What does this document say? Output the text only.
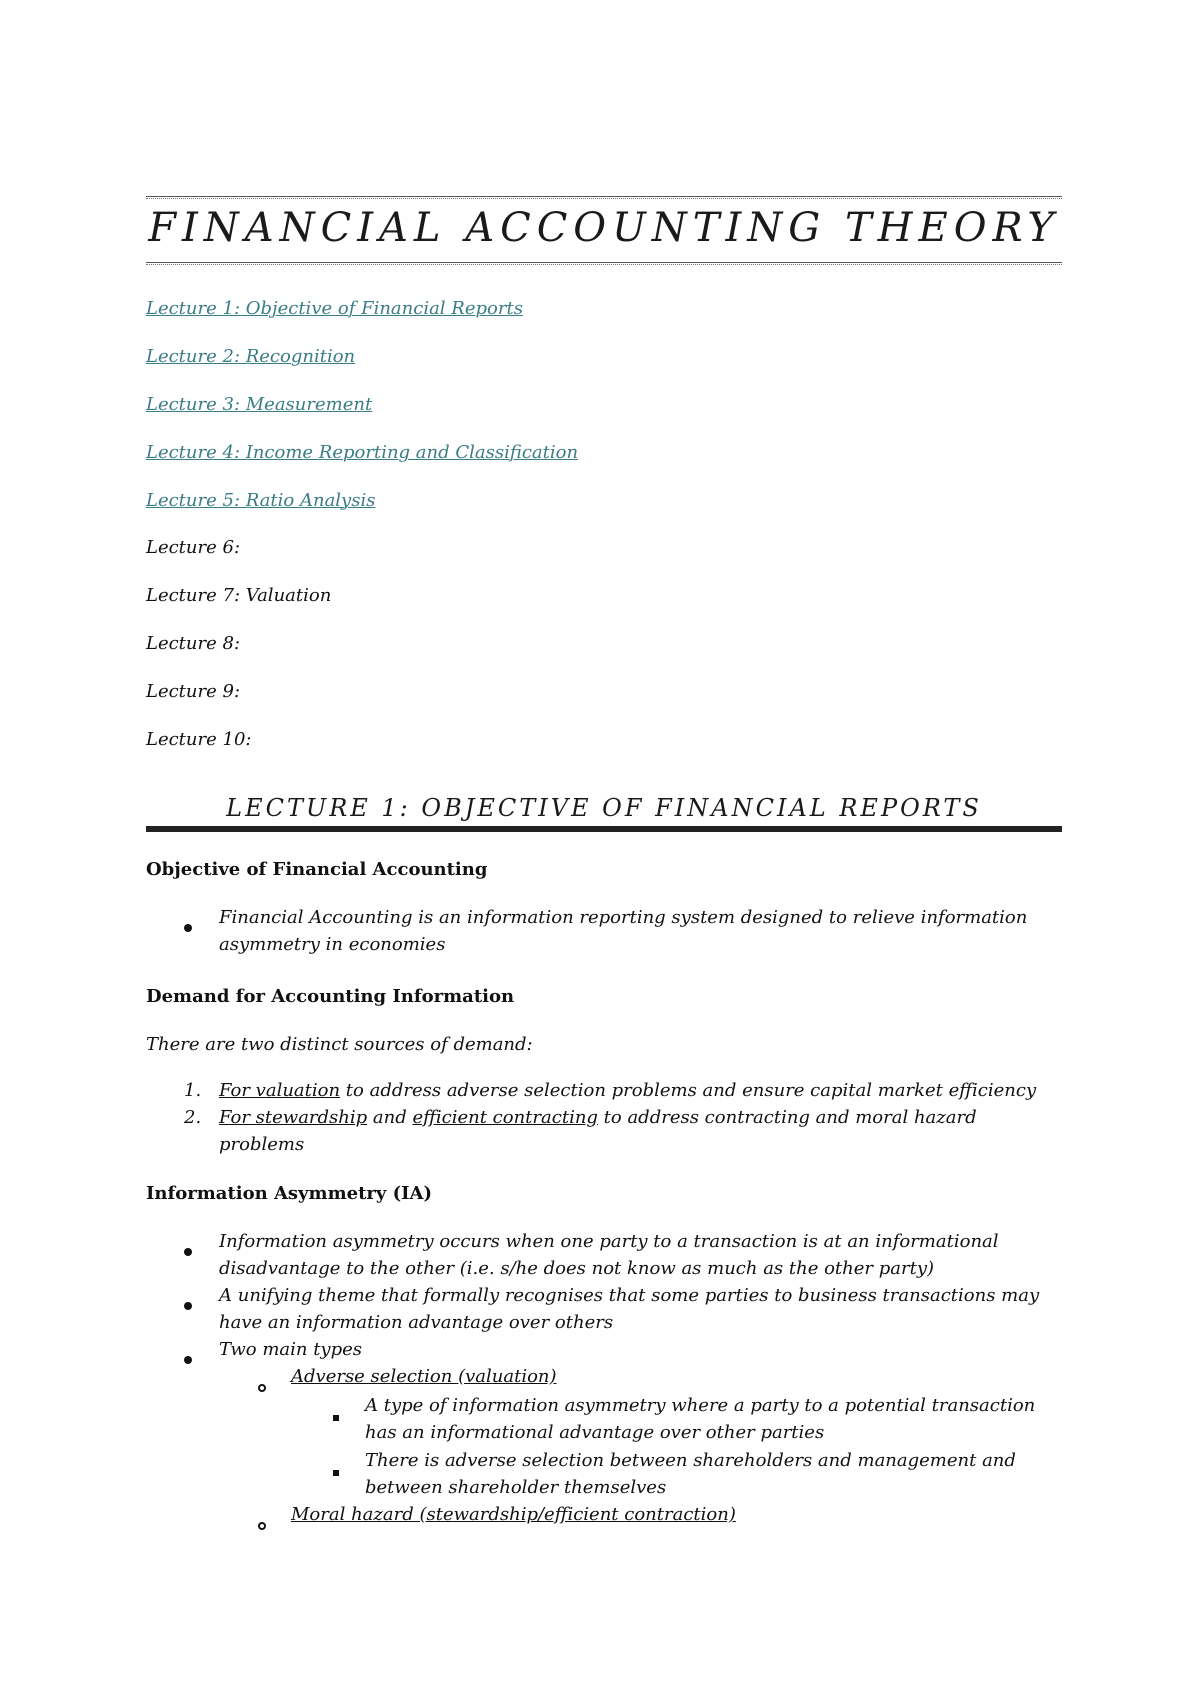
FINANCIAL ACCOUNTING THEORY
Lecture 1: Objective of Financial Reports
Lecture 2: Recognition
Lecture 3: Measurement
Lecture 4: Income Reporting and Classification
Lecture 5: Ratio Analysis
Lecture 6:
Lecture 7: Valuation
Lecture 8:
Lecture 9:
Lecture 10:
LECTURE 1: OBJECTIVE OF FINANCIAL REPORTS
Objective of Financial Accounting
Financial Accounting is an information reporting system designed to relieve information
asymmetry in economies
Demand for Accounting Information
There are two distinct sources of demand:
1. For valuation to address adverse selection problems and ensure capital market efficiency
2. For stewardship and efficient contracting to address contracting and moral hazard
problems
Information Asymmetry (IA)
Information asymmetry occurs when one party to a transaction is at an informational
disadvantage to the other (i.e. s/he does not know as much as the other party)
A unifying theme that formally recognises that some parties to business transactions may
have an information advantage over others
Two main types
Adverse selection (valuation)
A type of information asymmetry where a party to a potential transaction
has an informational advantage over other parties
There is adverse selection between shareholders and management and
between shareholder themselves
Moral hazard (stewardship/efficient contraction)
